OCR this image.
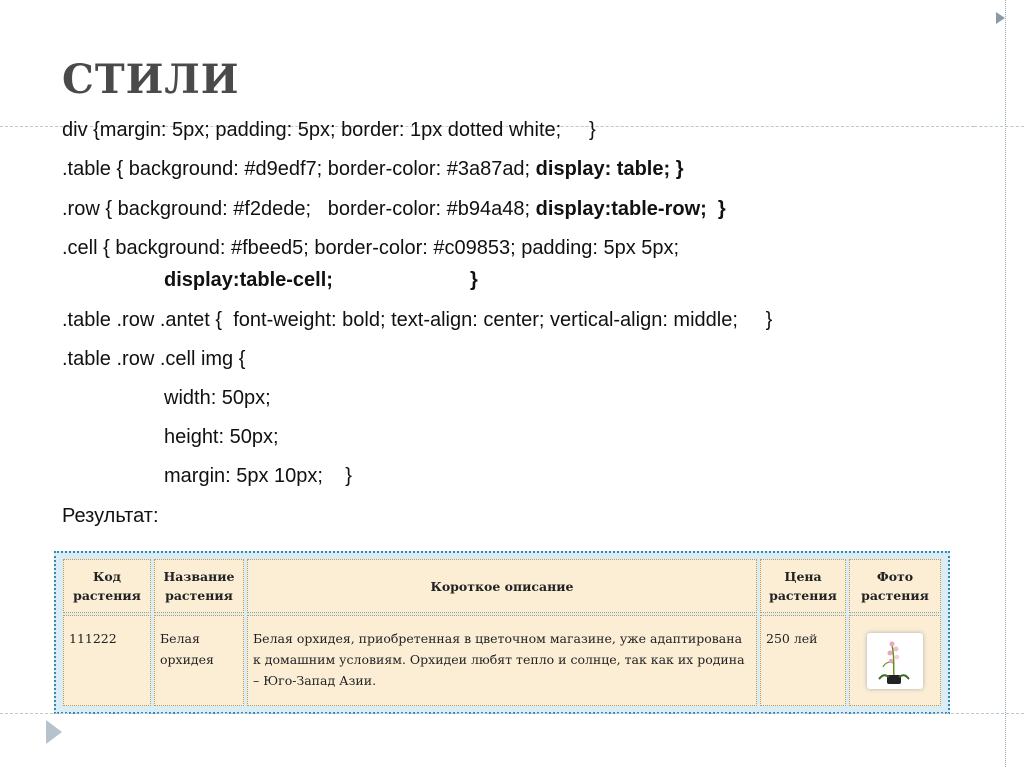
СТИЛИ
div {margin: 5px; padding: 5px; border: 1px dotted white;     }
.table { background: #d9edf7; border-color: #3a87ad; display: table; }
.row { background: #f2dede;   border-color: #b94a48; display:table-row;  }
.cell { background: #fbeed5; border-color: #c09853; padding: 5px 5px;
display:table-cell;	}
.table .row .antet {  font-weight: bold; text-align: center; vertical-align: middle;     }
.table .row .cell img {
width: 50px;
height: 50px;
margin: 5px 10px;    }
Результат:
Код растения	Название растения	Короткое описание	Цена растения	Фото растения
111222	Белая орхидея	Белая орхидея, приобретенная в цветочном магазине, уже адаптирована к домашним условиям. Орхидеи любят тепло и солнце, так как их родина – Юго-Запад Азии.	250 лей	
